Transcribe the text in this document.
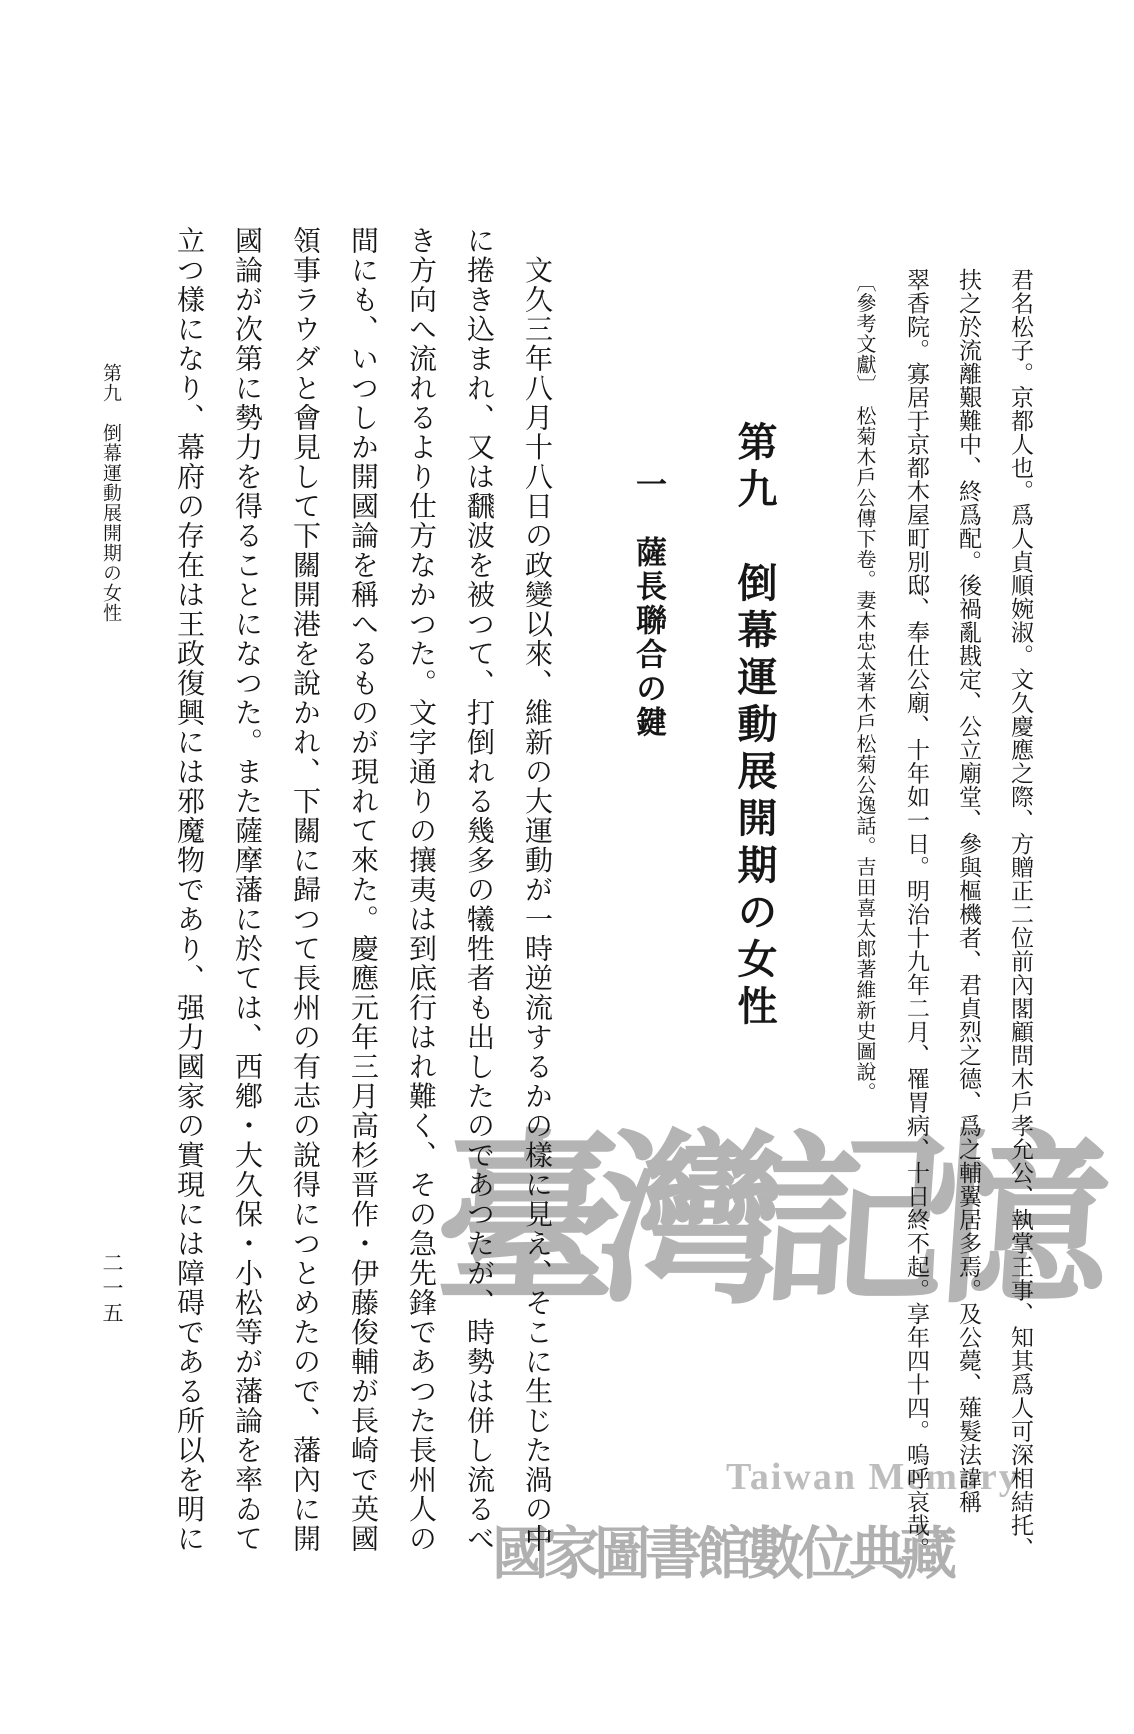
臺灣記憶
Taiwan Memory
國家圖書館數位典藏	君名松子。京都人也。爲人貞順婉淑。文久慶應之際、方贈正二位前內閣顧問木戶孝允公、執掌王事、知其爲人可深相結托、

扶之於流離艱難中、終爲配。後禍亂戡定、公立廟堂、參與樞機者、君貞烈之德、爲之輔翼居多焉。及公薨、薙髮法諱稱

翠香院。寡居于京都木屋町別邸、奉仕公廟、十年如一日。明治十九年二月、罹胃病、十日終不起。享年四十四。嗚呼哀哉。

〔參考文獻〕　松菊木戶公傳下卷。妻木忠太著木戶松菊公逸話。吉田喜太郎著維新史圖說。
第九　倒幕運動展開期の女性
一　薩長聯合の鍵

　文久三年八月十八日の政變以來、維新の大運動が一時逆流するかの樣に見え、そこに生じた渦の中

に捲き込まれ、又は飜波を被つて、打倒れる幾多の犧牲者も出したのであつたが、時勢は併し流るべ

き方向へ流れるより仕方なかつた。文字通りの攘夷は到底行はれ難く、その急先鋒であつた長州人の

間にも、いつしか開國論を稱へるものが現れて來た。慶應元年三月高杉晋作・伊藤俊輔が長崎で英國

領事ラウダと會見して下關開港を說かれ、下關に歸つて長州の有志の說得につとめたので、藩內に開

國論が次第に勢力を得ることになつた。また薩摩藩に於ては、西鄕・大久保・小松等が藩論を率ゐて

立つ樣になり、幕府の存在は王政復興には邪魔物であり、强力國家の實現には障碍である所以を明に

第九　倒幕運動展開期の女性
二一五
